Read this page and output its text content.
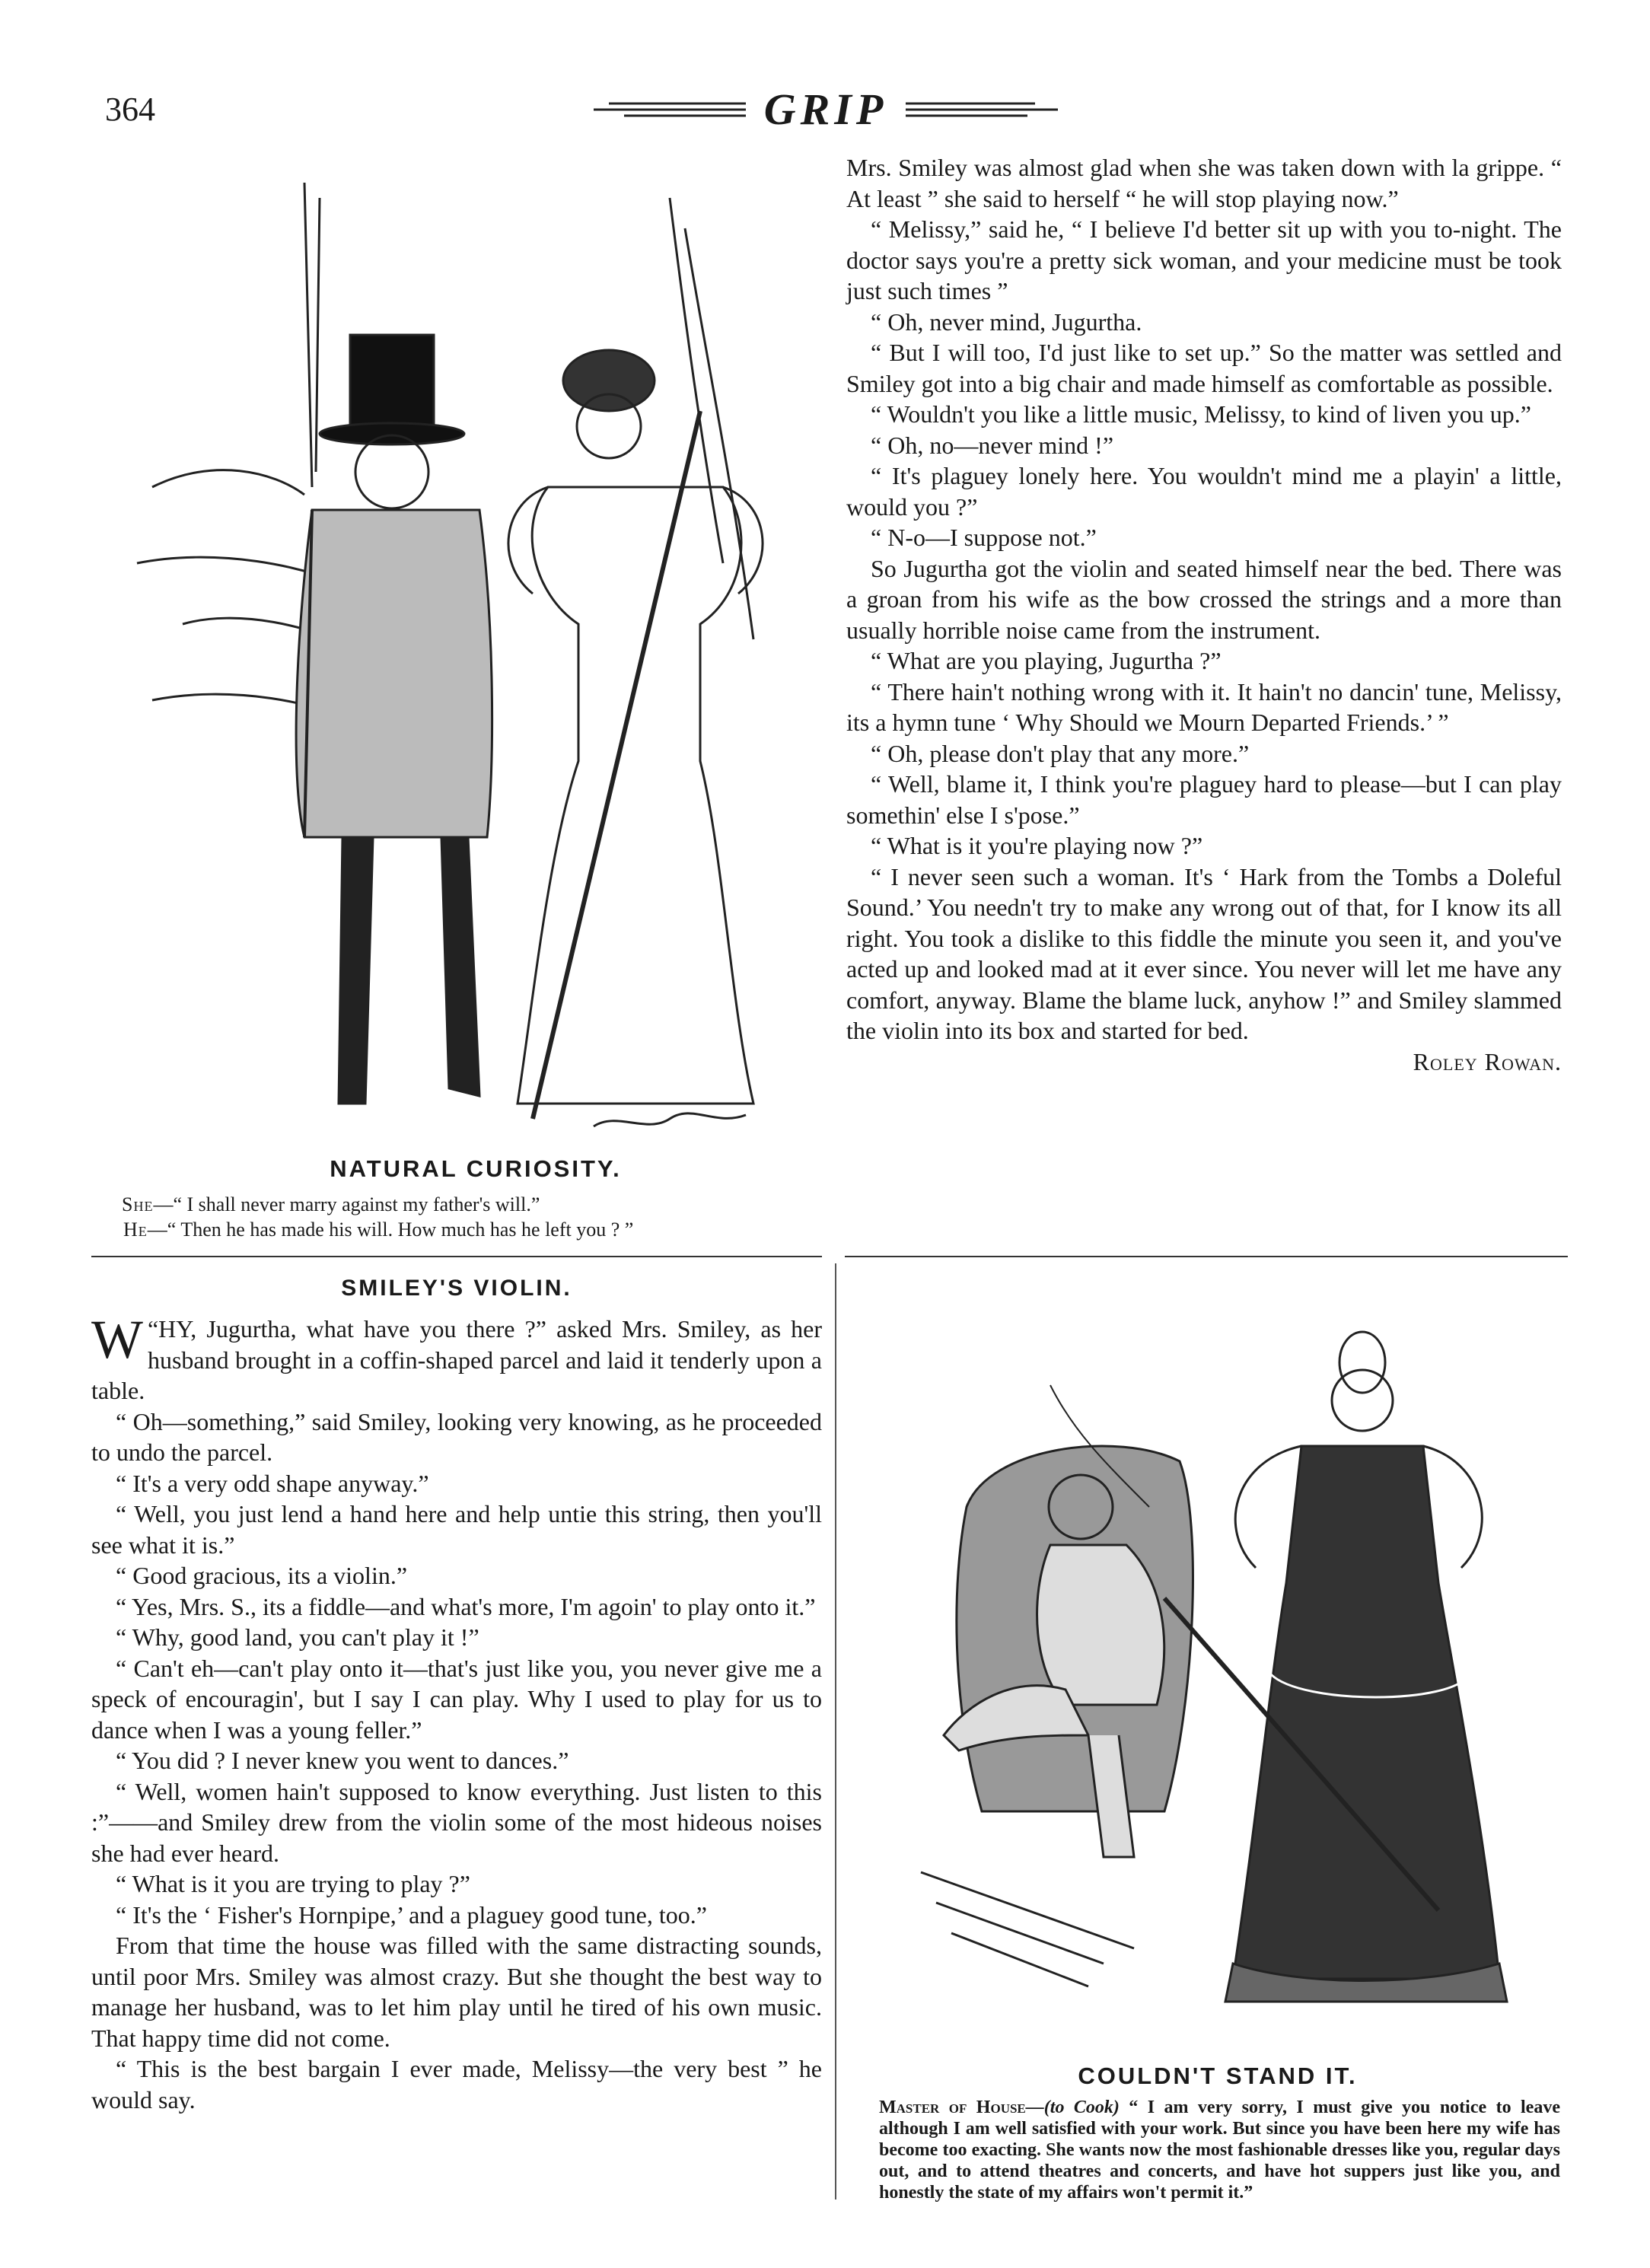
364	GRIP
NATURAL CURIOSITY.
She—“ I shall never marry against my father's will.”
He—“ Then he has made his will. How much has he left you ? ”

Mrs. Smiley was almost glad when she was taken down with la grippe. “ At least ” she said to herself “ he will stop playing now.”

“ Melissy,” said he, “ I believe I'd better sit up with you to-night. The doctor says you're a pretty sick woman, and your medicine must be took just such times ”

“ Oh, never mind, Jugurtha.

“ But I will too, I'd just like to set up.” So the matter was settled and Smiley got into a big chair and made himself as comfortable as possible.

“ Wouldn't you like a little music, Melissy, to kind of liven you up.”

“ Oh, no—never mind !”

“ It's plaguey lonely here. You wouldn't mind me a playin' a little, would you ?”

“ N-o—I suppose not.”

So Jugurtha got the violin and seated himself near the bed. There was a groan from his wife as the bow crossed the strings and a more than usually horrible noise came from the instrument.

“ What are you playing, Jugurtha ?”

“ There hain't nothing wrong with it. It hain't no dancin' tune, Melissy, its a hymn tune ‘ Why Should we Mourn Departed Friends.’ ”

“ Oh, please don't play that any more.”

“ Well, blame it, I think you're plaguey hard to please—but I can play somethin' else I s'pose.”

“ What is it you're playing now ?”

“ I never seen such a woman. It's ‘ Hark from the Tombs a Doleful Sound.’ You needn't try to make any wrong out of that, for I know its all right. You took a dislike to this fiddle the minute you seen it, and you've acted up and looked mad at it ever since. You never will let me have any comfort, anyway. Blame the blame luck, anyhow !” and Smiley slammed the violin into its box and started for bed.

Roley Rowan.

SMILEY'S VIOLIN.

“
W HY, Jugurtha, what have you there ?” asked Mrs. Smiley, as her husband brought in a coffin-shaped parcel and laid it tenderly upon a table.

“ Oh—something,” said Smiley, looking very knowing, as he proceeded to undo the parcel.

“ It's a very odd shape anyway.”

“ Well, you just lend a hand here and help untie this string, then you'll see what it is.”

“ Good gracious, its a violin.”

“ Yes, Mrs. S., its a fiddle—and what's more, I'm agoin' to play onto it.”

“ Why, good land, you can't play it !”

“ Can't eh—can't play onto it—that's just like you, you never give me a speck of encouragin', but I say I can play. Why I used to play for us to dance when I was a young feller.”

“ You did ? I never knew you went to dances.”

“ Well, women hain't supposed to know everything. Just listen to this :”——and Smiley drew from the violin some of the most hideous noises she had ever heard.

“ What is it you are trying to play ?”

“ It's the ‘ Fisher's Hornpipe,’ and a plaguey good tune, too.”

From that time the house was filled with the same distracting sounds, until poor Mrs. Smiley was almost crazy. But she thought the best way to manage her husband, was to let him play until he tired of his own music. That happy time did not come.

“ This is the best bargain I ever made, Melissy—the very best ” he would say.

COULDN'T STAND IT.
Master of House—(to Cook) “ I am very sorry, I must give you notice to leave although I am well satisfied with your work. But since you have been here my wife has become too exacting. She wants now the most fashionable dresses like you, regular days out, and to attend theatres and concerts, and have hot suppers just like you, and honestly the state of my affairs won't permit it.”
